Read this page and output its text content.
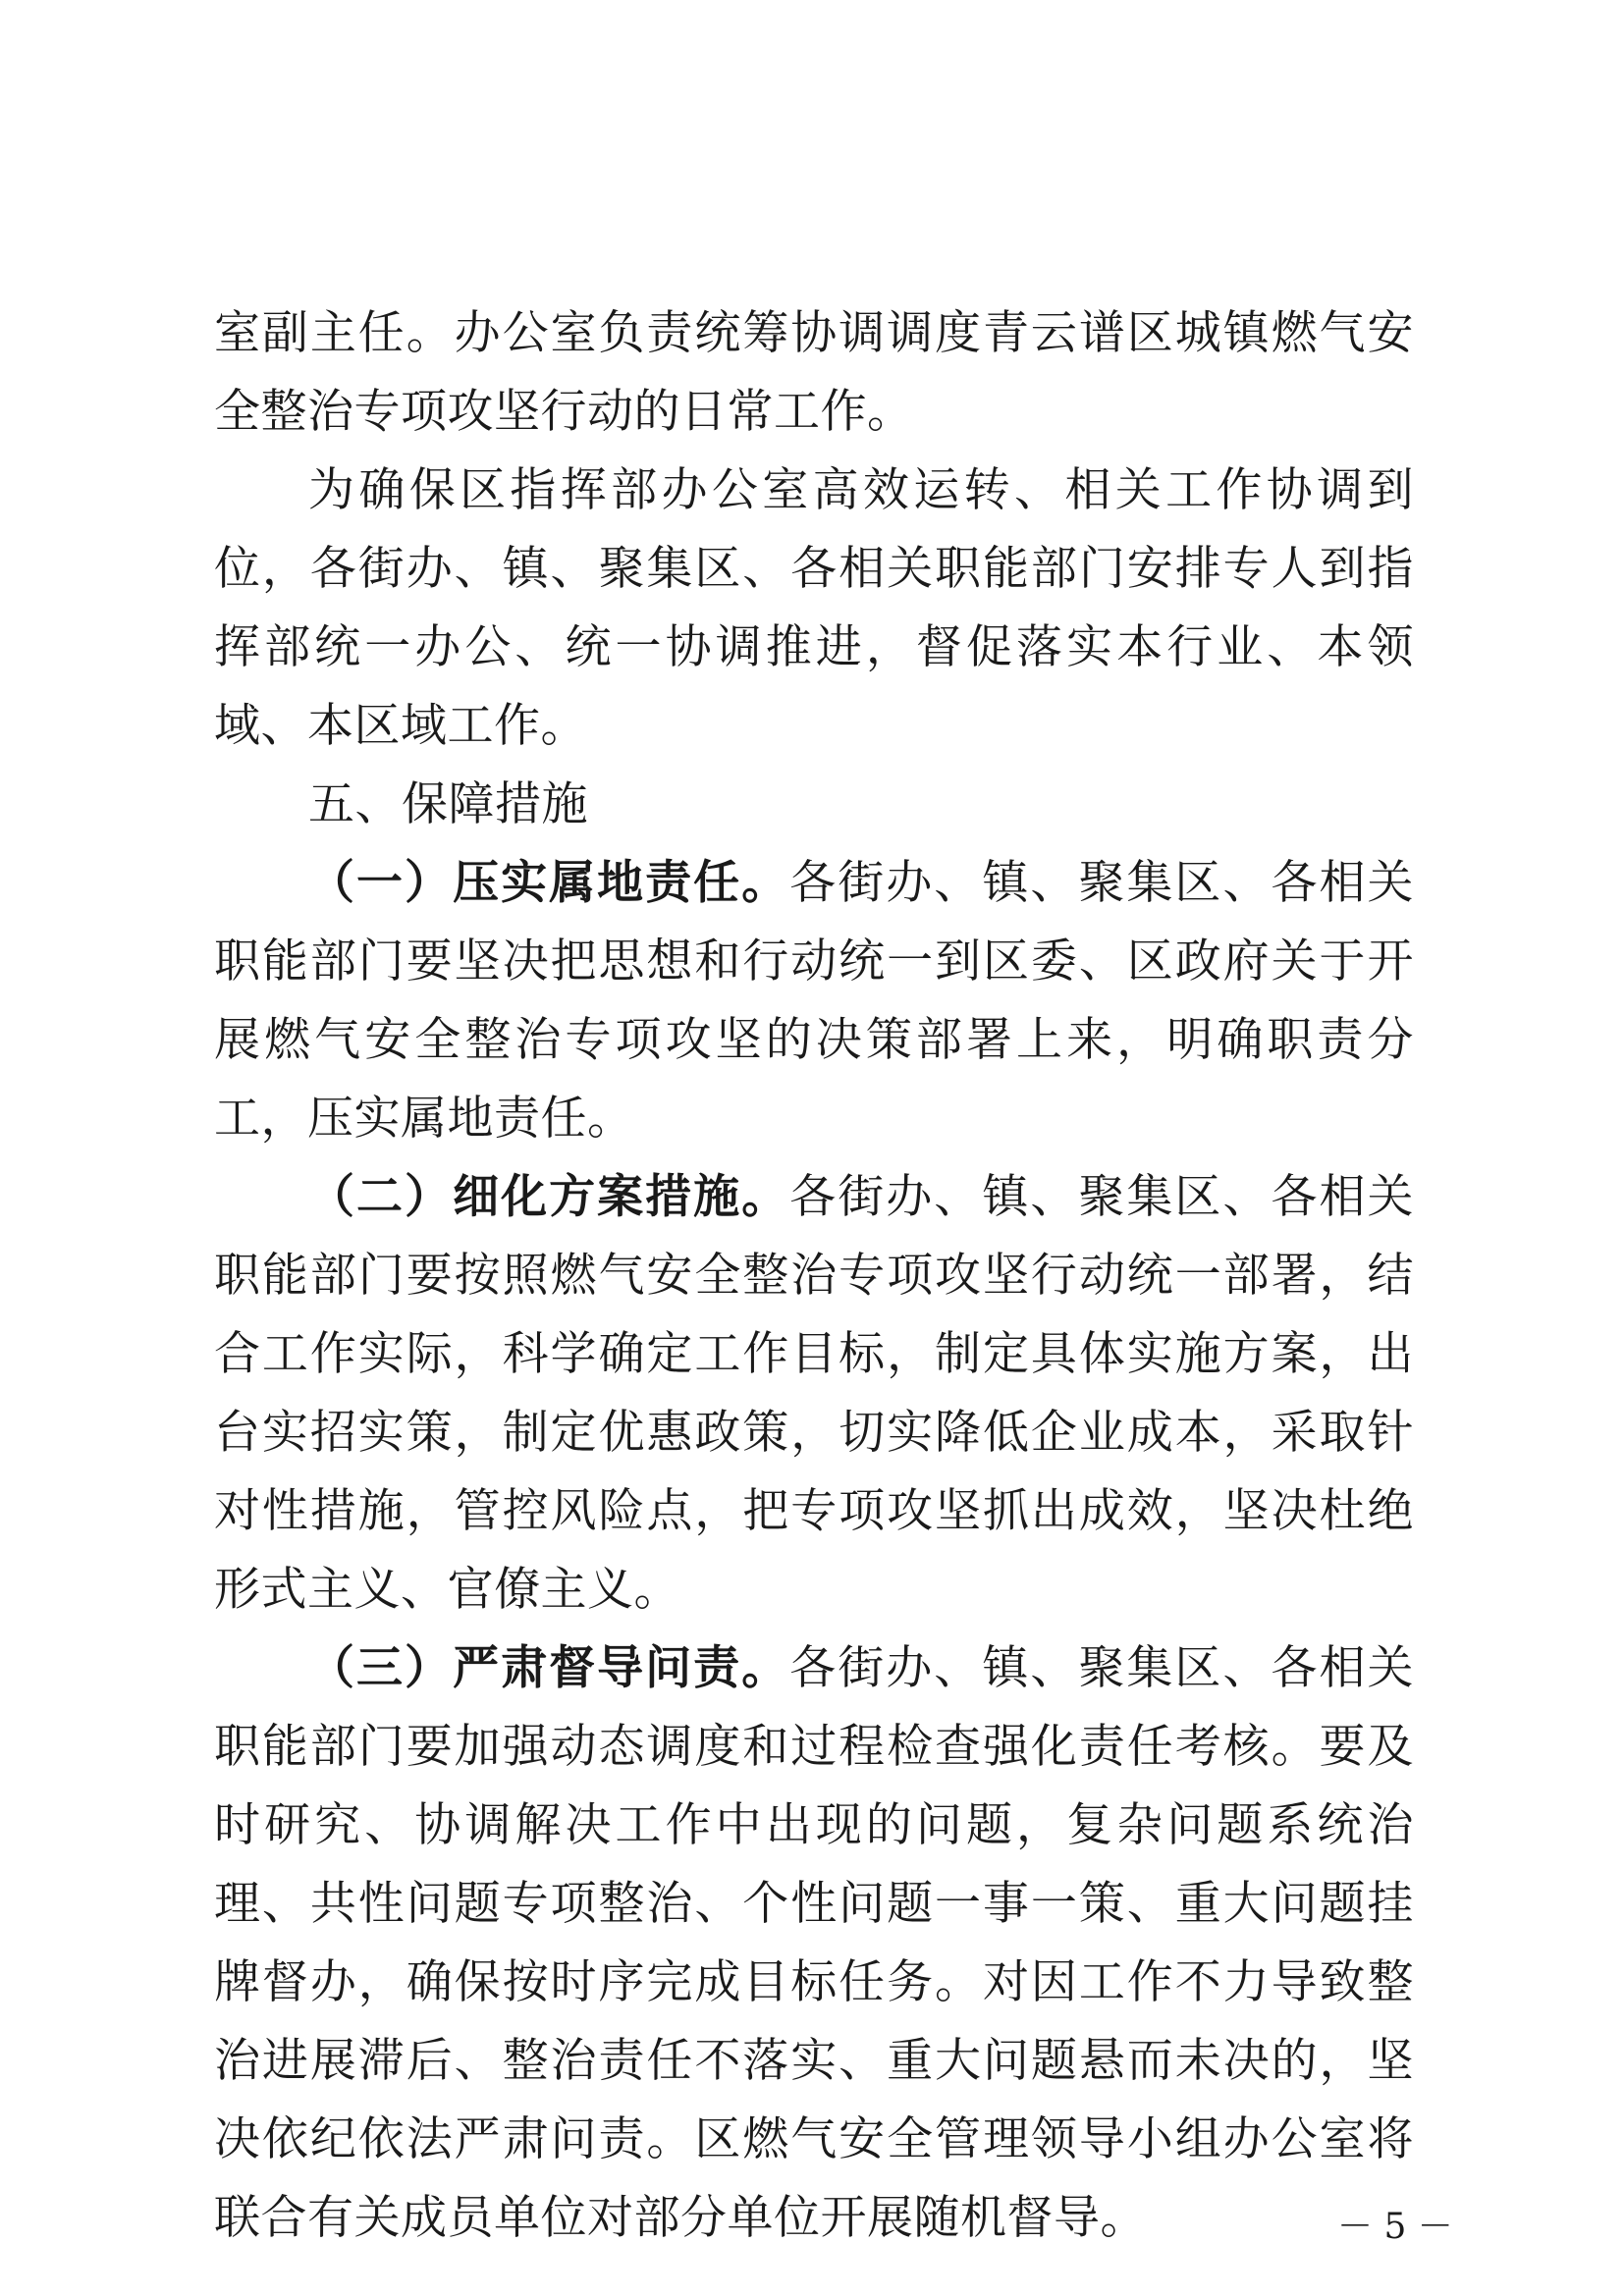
室副主任。办公室负责统筹协调调度青云谱区城镇燃气安全整治专项攻坚行动的日常工作。

为确保区指挥部办公室高效运转、相关工作协调到位，各街办、镇、聚集区、各相关职能部门安排专人到指挥部统一办公、统一协调推进，督促落实本行业、本领域、本区域工作。

五、保障措施

（一）压实属地责任。各街办、镇、聚集区、各相关职能部门要坚决把思想和行动统一到区委、区政府关于开展燃气安全整治专项攻坚的决策部署上来，明确职责分工，压实属地责任。

（二）细化方案措施。各街办、镇、聚集区、各相关职能部门要按照燃气安全整治专项攻坚行动统一部署，结合工作实际，科学确定工作目标，制定具体实施方案，出台实招实策，制定优惠政策，切实降低企业成本，采取针对性措施，管控风险点，把专项攻坚抓出成效，坚决杜绝形式主义、官僚主义。

（三）严肃督导问责。各街办、镇、聚集区、各相关职能部门要加强动态调度和过程检查强化责任考核。要及时研究、协调解决工作中出现的问题，复杂问题系统治理、共性问题专项整治、个性问题一事一策、重大问题挂牌督办，确保按时序完成目标任务。对因工作不力导致整治进展滞后、整治责任不落实、重大问题悬而未决的，坚决依纪依法严肃问责。区燃气安全管理领导小组办公室将联合有关成员单位对部分单位开展随机督导。	－ 5 －
